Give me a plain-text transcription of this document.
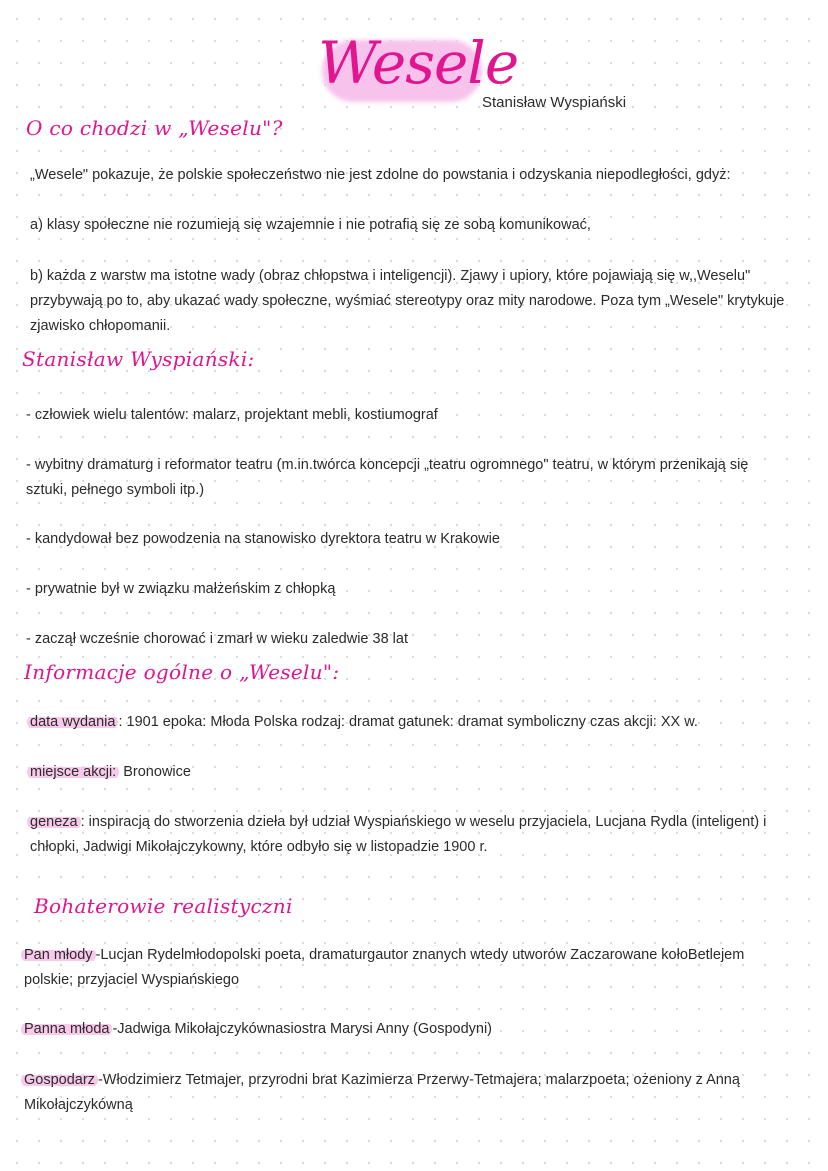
Wesele
Stanisław Wyspiański
O co chodzi w „Weselu"?
„Wesele" pokazuje, że polskie społeczeństwo nie jest zdolne do powstania i odzyskania niepodległości, gdyż:
a) klasy społeczne nie rozumieją się wzajemnie i nie potrafią się ze sobą komunikować,
b) każda z warstw ma istotne wady (obraz chłopstwa i inteligencji). Zjawy i upiory, które pojawiają się w,,Weselu" przybywają po to, aby ukazać wady społeczne, wyśmiać stereotypy oraz mity narodowe. Poza tym „Wesele" krytykuje zjawisko chłopomanii.
Stanisław Wyspiański:
- człowiek wielu talentów: malarz, projektant mebli, kostiumograf
- wybitny dramaturg i reformator teatru (m.in.twórca koncepcji „teatru ogromnego" teatru, w którym przenikają się sztuki, pełnego symboli itp.)
- kandydował bez powodzenia na stanowisko dyrektora teatru w Krakowie
- prywatnie był w związku małżeńskim z chłopką
- zaczął wcześnie chorować i zmarł w wieku zaledwie 38 lat
Informacje ogólne o „Weselu":
data wydania : 1901 epoka: Młoda Polska rodzaj: dramat gatunek: dramat symboliczny czas akcji: XX w.
miejsce akcji: Bronowice
geneza : inspiracją do stworzenia dzieła był udział Wyspiańskiego w weselu przyjaciela, Lucjana Rydla (inteligent) i chłopki, Jadwigi Mikołajczykowny, które odbyło się w listopadzie 1900 r.
Bohaterowie realistyczni
Pan młody -Lucjan Rydelmłodopolski poeta, dramaturgautor znanych wtedy utworów Zaczarowane kołoBetlejem polskie; przyjaciel Wyspiańskiego
Panna młoda -Jadwiga Mikołajczykównasiostra Marysi Anny (Gospodyni)
Gospodarz -Włodzimierz Tetmajer, przyrodni brat Kazimierza Przerwy-Tetmajera; malarzpoeta; ożeniony z Anną Mikołajczykówną
